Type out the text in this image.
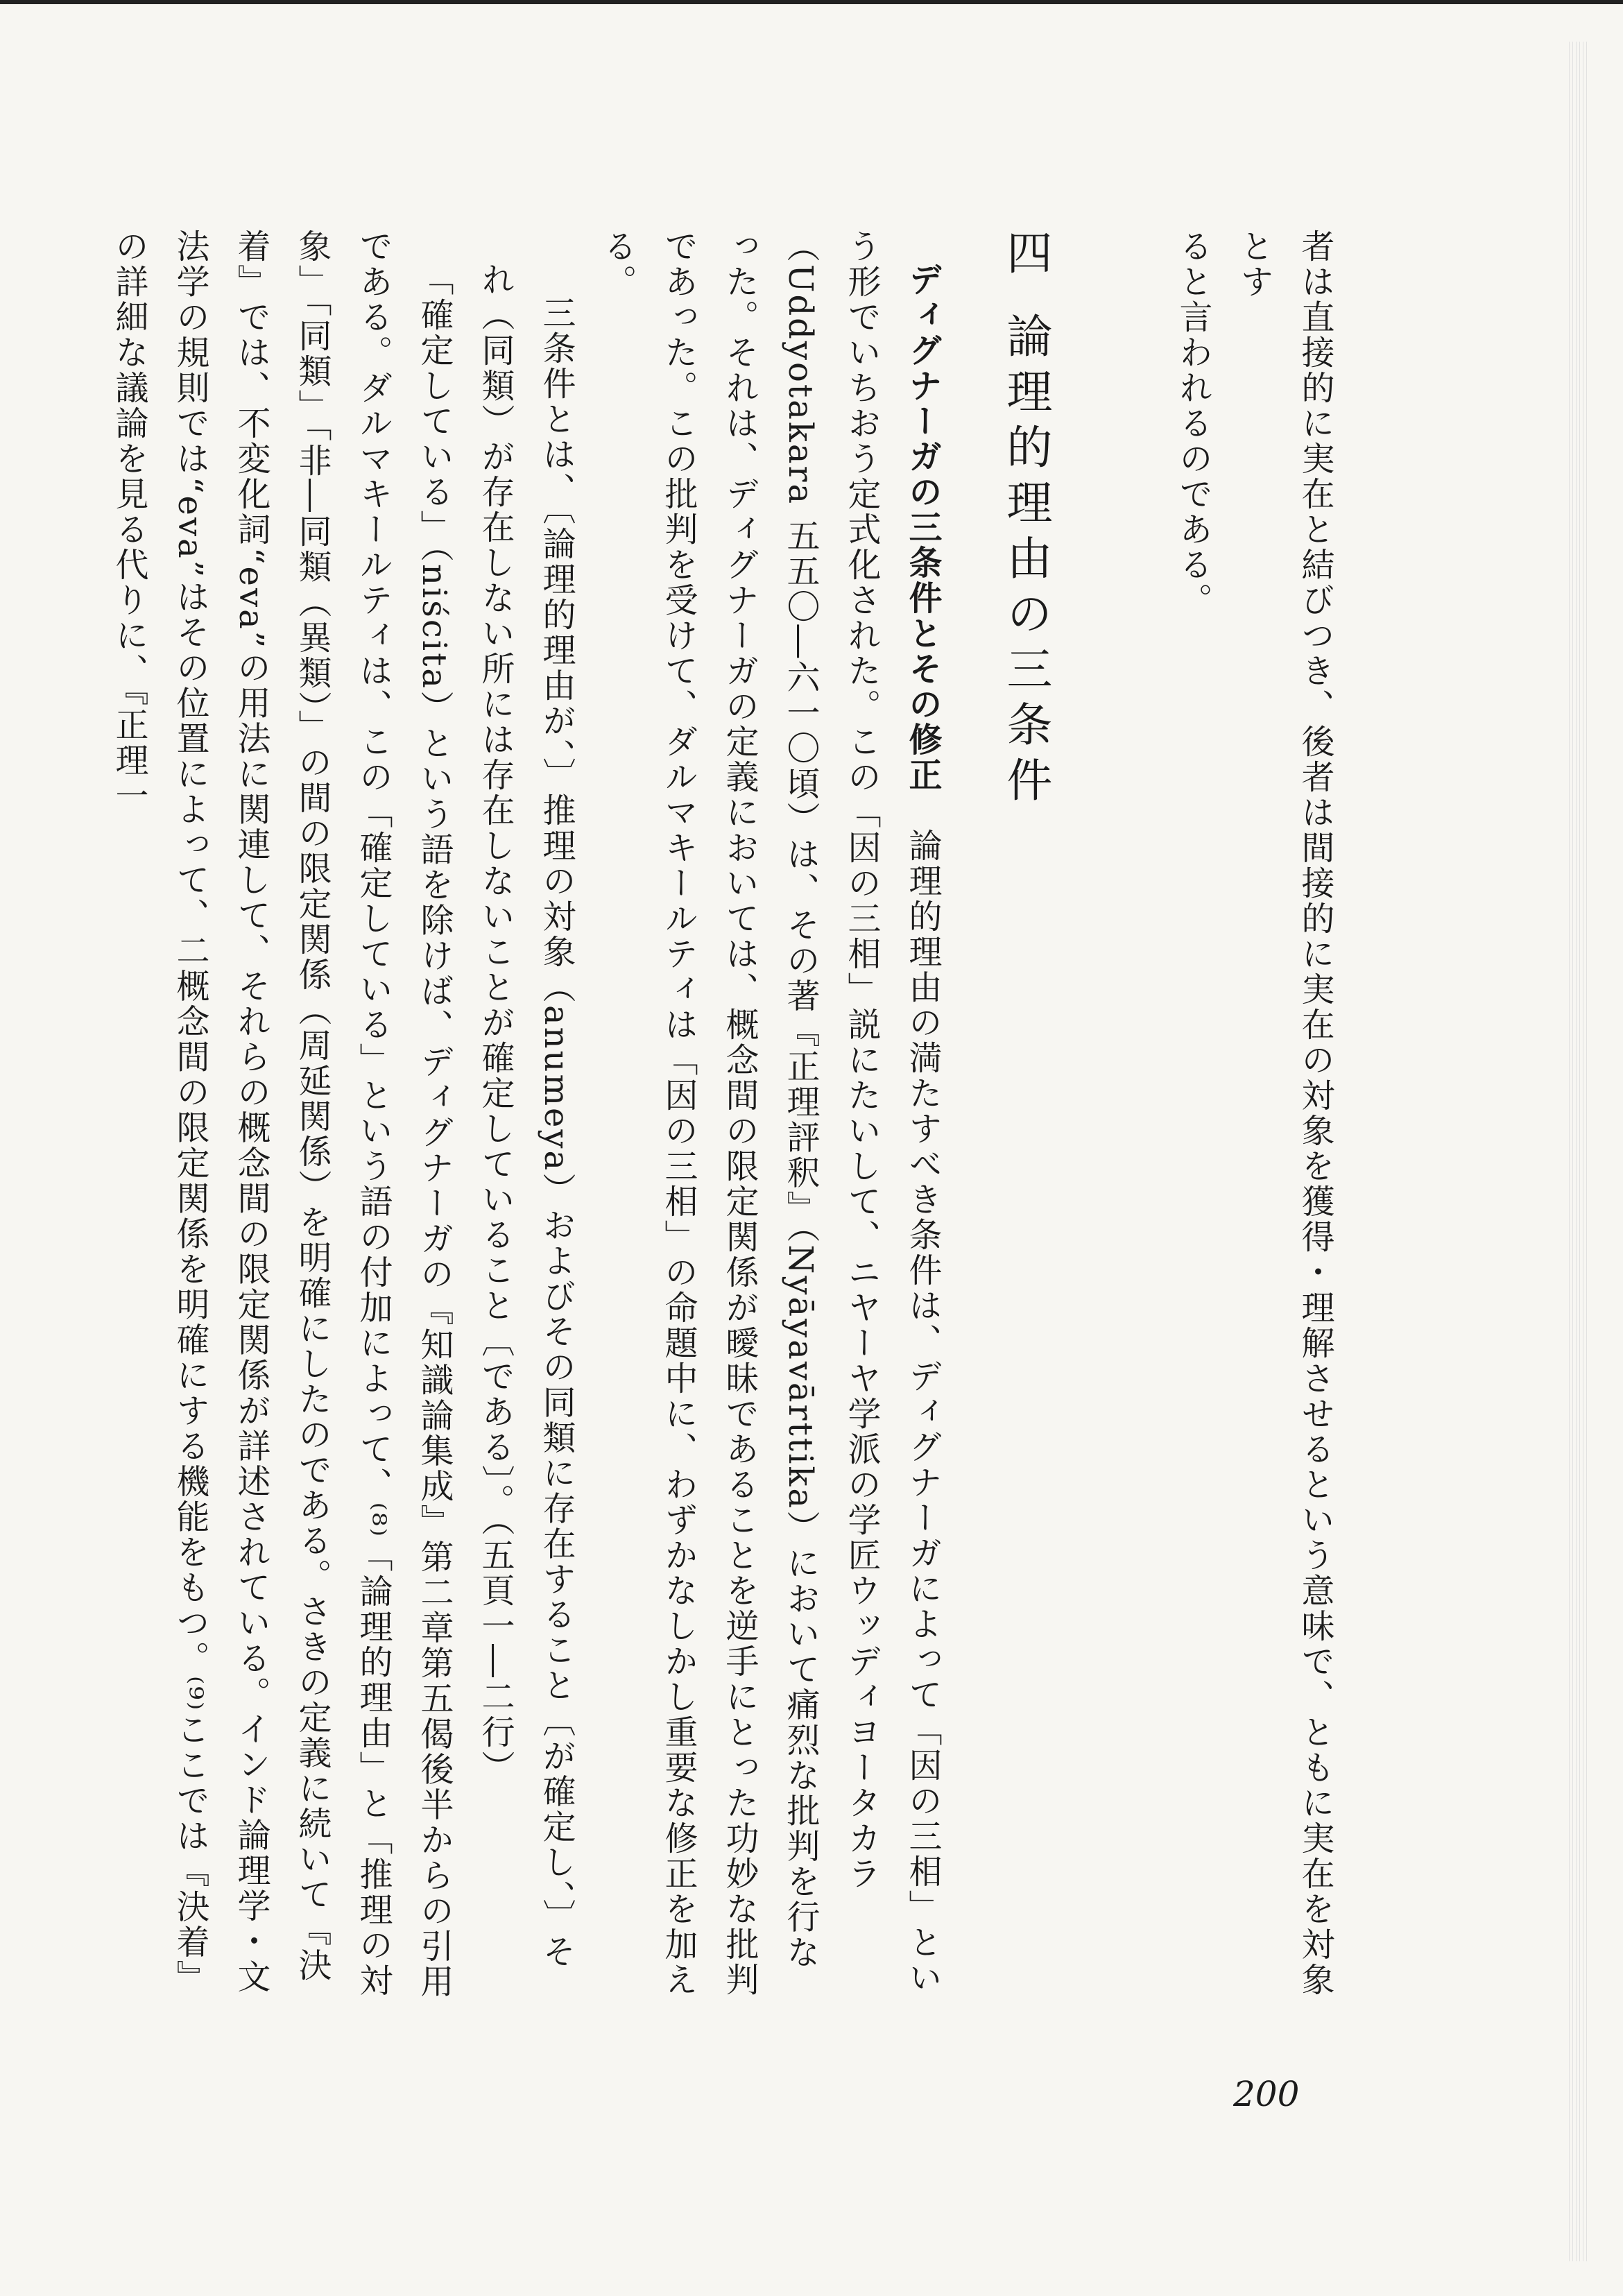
者は直接的に実在と結びつき、後者は間接的に実在の対象を獲得・理解させるという意味で、ともに実在を対象とす

ると言われるのである。

四論理的理由の三条件

ディグナーガの三条件とその修正　論理的理由の満たすべき条件は、ディグナーガによって「因の三相」という形でいちおう定式化された。この「因の三相」説にたいして、ニヤーヤ学派の学匠ウッディヨータカラ（Uddyotakara 五五〇―六一〇頃）は、その著『正理評釈』（Nyāyavārttika）において痛烈な批判を行なった。それは、ディグナーガの定義においては、概念間の限定関係が曖昧であることを逆手にとった功妙な批判であった。この批判を受けて、ダルマキールティは「因の三相」の命題中に、わずかなしかし重要な修正を加える。

三条件とは、〔論理的理由が、〕推理の対象（anumeya）およびその同類に存在すること〔が確定し、〕それ（同類）が存在しない所には存在しないことが確定していること〔である〕。（五頁一―二行）

「確定している」（niścita）という語を除けば、ディグナーガの『知識論集成』第二章第五偈後半からの引用である。ダルマキールティは、この「確定している」という語の付加によって、⁽⁸⁾「論理的理由」と「推理の対象」「同類」「非―同類（異類）」の間の限定関係（周延関係）を明確にしたのである。さきの定義に続いて『決着』では、不変化詞“eva”の用法に関連して、それらの概念間の限定関係が詳述されている。インド論理学・文法学の規則では“eva”はその位置によって、二概念間の限定関係を明確にする機能をもつ。⁽⁹⁾ここでは『決着』の詳細な議論を見る代りに、『正理一

200
